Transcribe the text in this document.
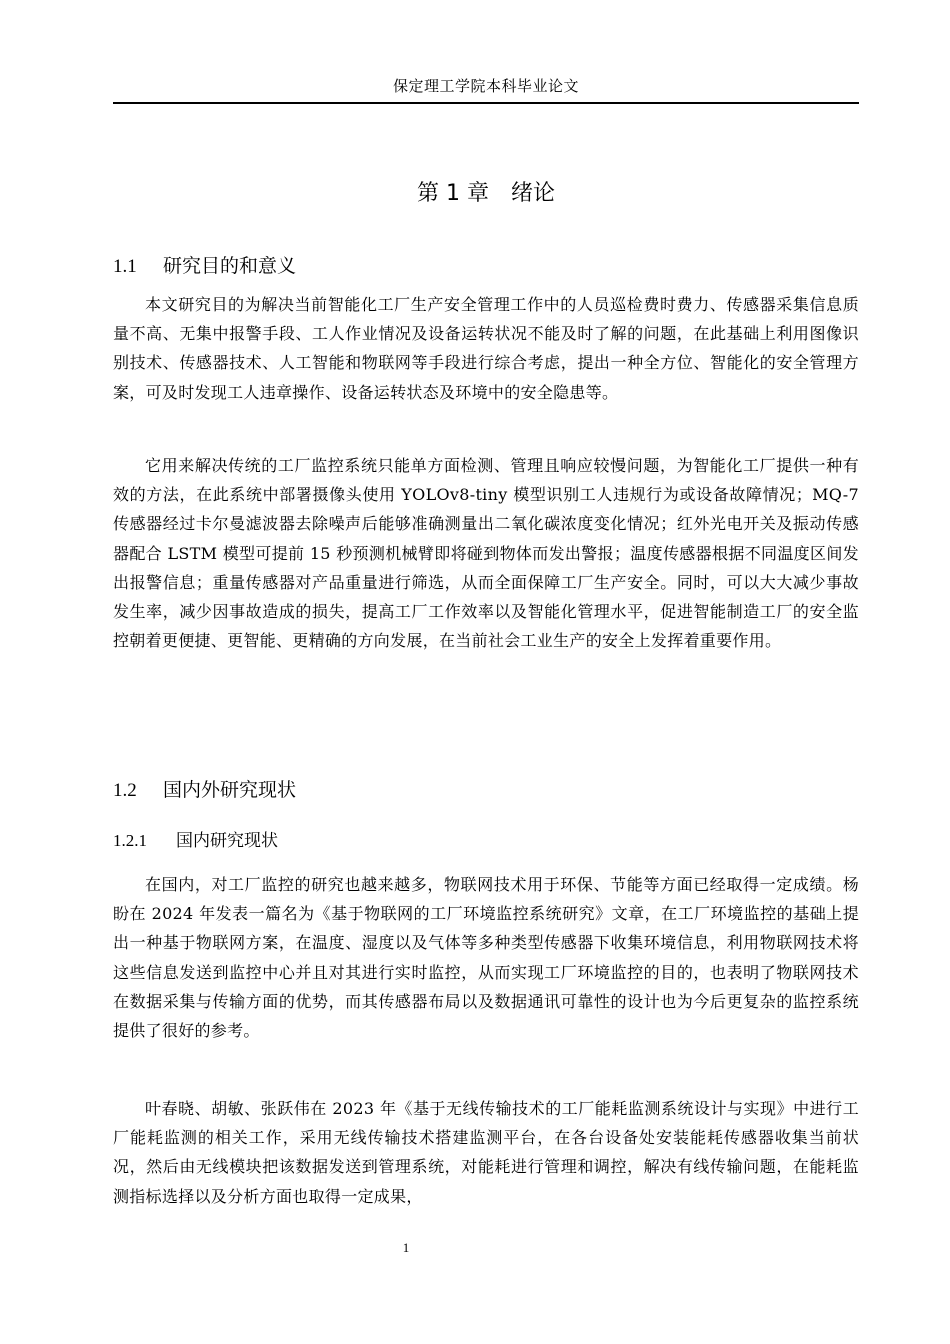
保定理工学院本科毕业论文
第 1 章　 绪论
1.1 研究目的和意义

本文研究目的为解决当前智能化工厂生产安全管理工作中的人员巡检费时费力、传感器采集信息质量不高、无集中报警手段、工人作业情况及设备运转状况不能及时了解的问题，在此基础上利用图像识别技术、传感器技术、人工智能和物联网等手段进行综合考虑，提出一种全方位、智能化的安全管理方案，可及时发现工人违章操作、设备运转状态及环境中的安全隐患等。

它用来解决传统的工厂监控系统只能单方面检测、管理且响应较慢问题，为智能化工厂提供一种有效的方法，在此系统中部署摄像头使用 YOLOv8-tiny 模型识别工人违规行为或设备故障情况；MQ-7 传感器经过卡尔曼滤波器去除噪声后能够准确测量出二氧化碳浓度变化情况；红外光电开关及振动传感器配合 LSTM 模型可提前 15 秒预测机械臂即将碰到物体而发出警报；温度传感器根据不同温度区间发出报警信息；重量传感器对产品重量进行筛选，从而全面保障工厂生产安全。同时，可以大大减少事故发生率，减少因事故造成的损失，提高工厂工作效率以及智能化管理水平，促进智能制造工厂的安全监控朝着更便捷、更智能、更精确的方向发展，在当前社会工业生产的安全上发挥着重要作用。

1.2 国内外研究现状
1.2.1 国内研究现状

在国内，对工厂监控的研究也越来越多，物联网技术用于环保、节能等方面已经取得一定成绩。杨盼在 2024 年发表一篇名为《基于物联网的工厂环境监控系统研究》文章，在工厂环境监控的基础上提出一种基于物联网方案，在温度、湿度以及气体等多种类型传感器下收集环境信息，利用物联网技术将这些信息发送到监控中心并且对其进行实时监控，从而实现工厂环境监控的目的，也表明了物联网技术在数据采集与传输方面的优势，而其传感器布局以及数据通讯可靠性的设计也为今后更复杂的监控系统提供了很好的参考。

叶春晓、胡敏、张跃伟在 2023 年《基于无线传输技术的工厂能耗监测系统设计与实现》中进行工厂能耗监测的相关工作，采用无线传输技术搭建监测平台，在各台设备处安装能耗传感器收集当前状况，然后由无线模块把该数据发送到管理系统，对能耗进行管理和调控，解决有线传输问题，在能耗监测指标选择以及分析方面也取得一定成果，

1
